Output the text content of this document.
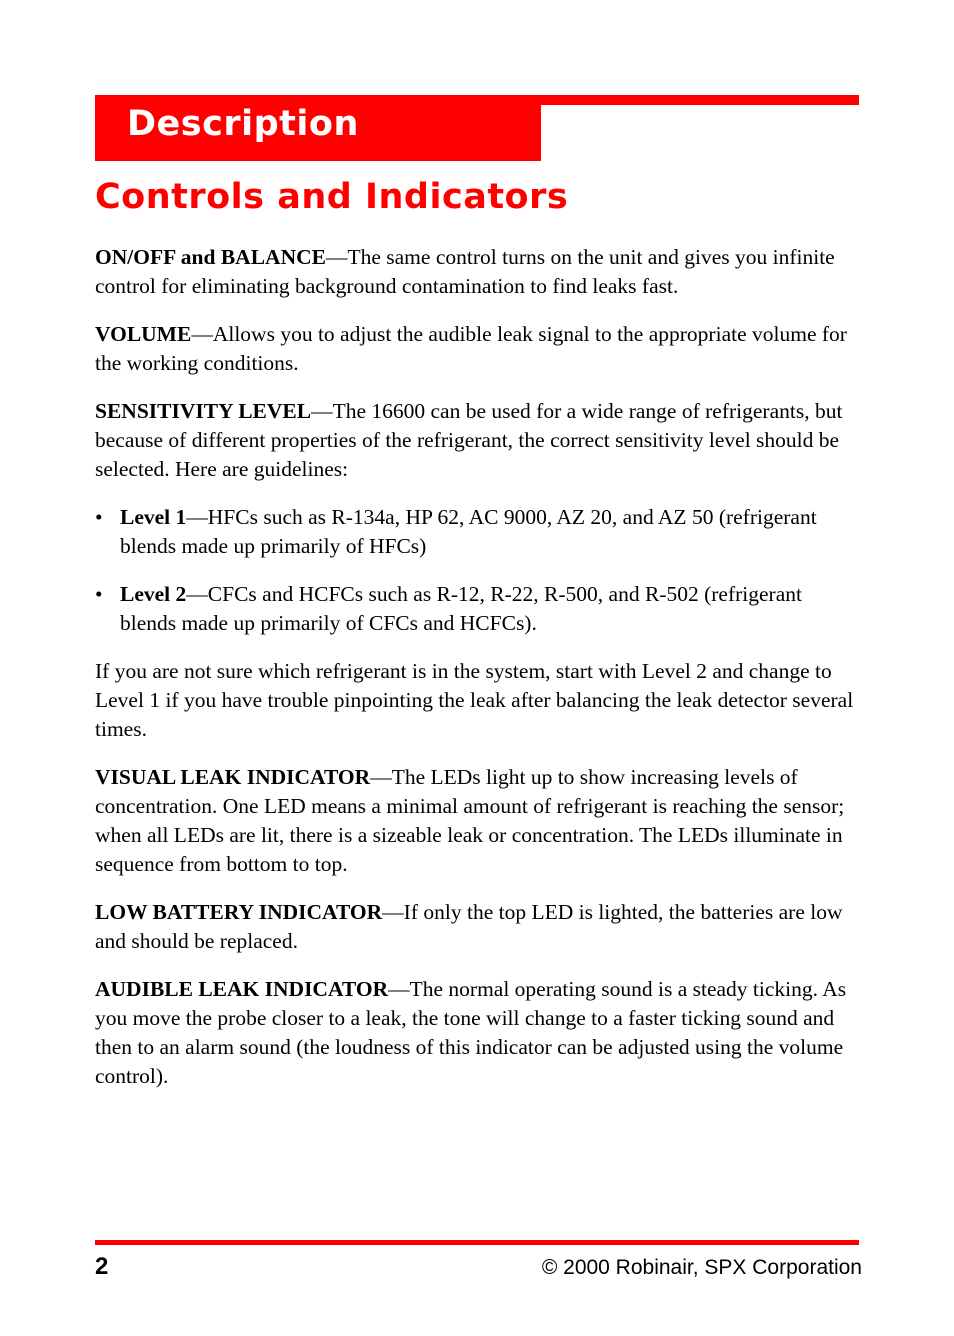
Description
Controls and Indicators

ON/OFF and BALANCE—The same control turns on the unit and gives you infinite control for eliminating background contamination to find leaks fast.

VOLUME—Allows you to adjust the audible leak signal to the appropriate volume for the working conditions.

SENSITIVITY LEVEL—The 16600 can be used for a wide range of refrigerants, but because of different properties of the refrigerant, the correct sensitivity level should be selected. Here are guidelines:

• Level 1—HFCs such as R-134a, HP 62, AC 9000, AZ 20, and AZ 50 (refrigerant blends made up primarily of HFCs)
• Level 2—CFCs and HCFCs such as R-12, R-22, R-500, and R-502 (refrigerant blends made up primarily of CFCs and HCFCs).

If you are not sure which refrigerant is in the system, start with Level 2 and change to Level 1 if you have trouble pinpointing the leak after balancing the leak detector several times.

VISUAL LEAK INDICATOR—The LEDs light up to show increasing levels of concentration. One LED means a minimal amount of refrigerant is reaching the sensor; when all LEDs are lit, there is a sizeable leak or concentration. The LEDs illuminate in sequence from bottom to top.

LOW BATTERY INDICATOR—If only the top LED is lighted, the batteries are low and should be replaced.

AUDIBLE LEAK INDICATOR—The normal operating sound is a steady ticking. As you move the probe closer to a leak, the tone will change to a faster ticking sound and then to an alarm sound (the loudness of this indicator can be adjusted using the volume control).

2	© 2000 Robinair, SPX Corporation
